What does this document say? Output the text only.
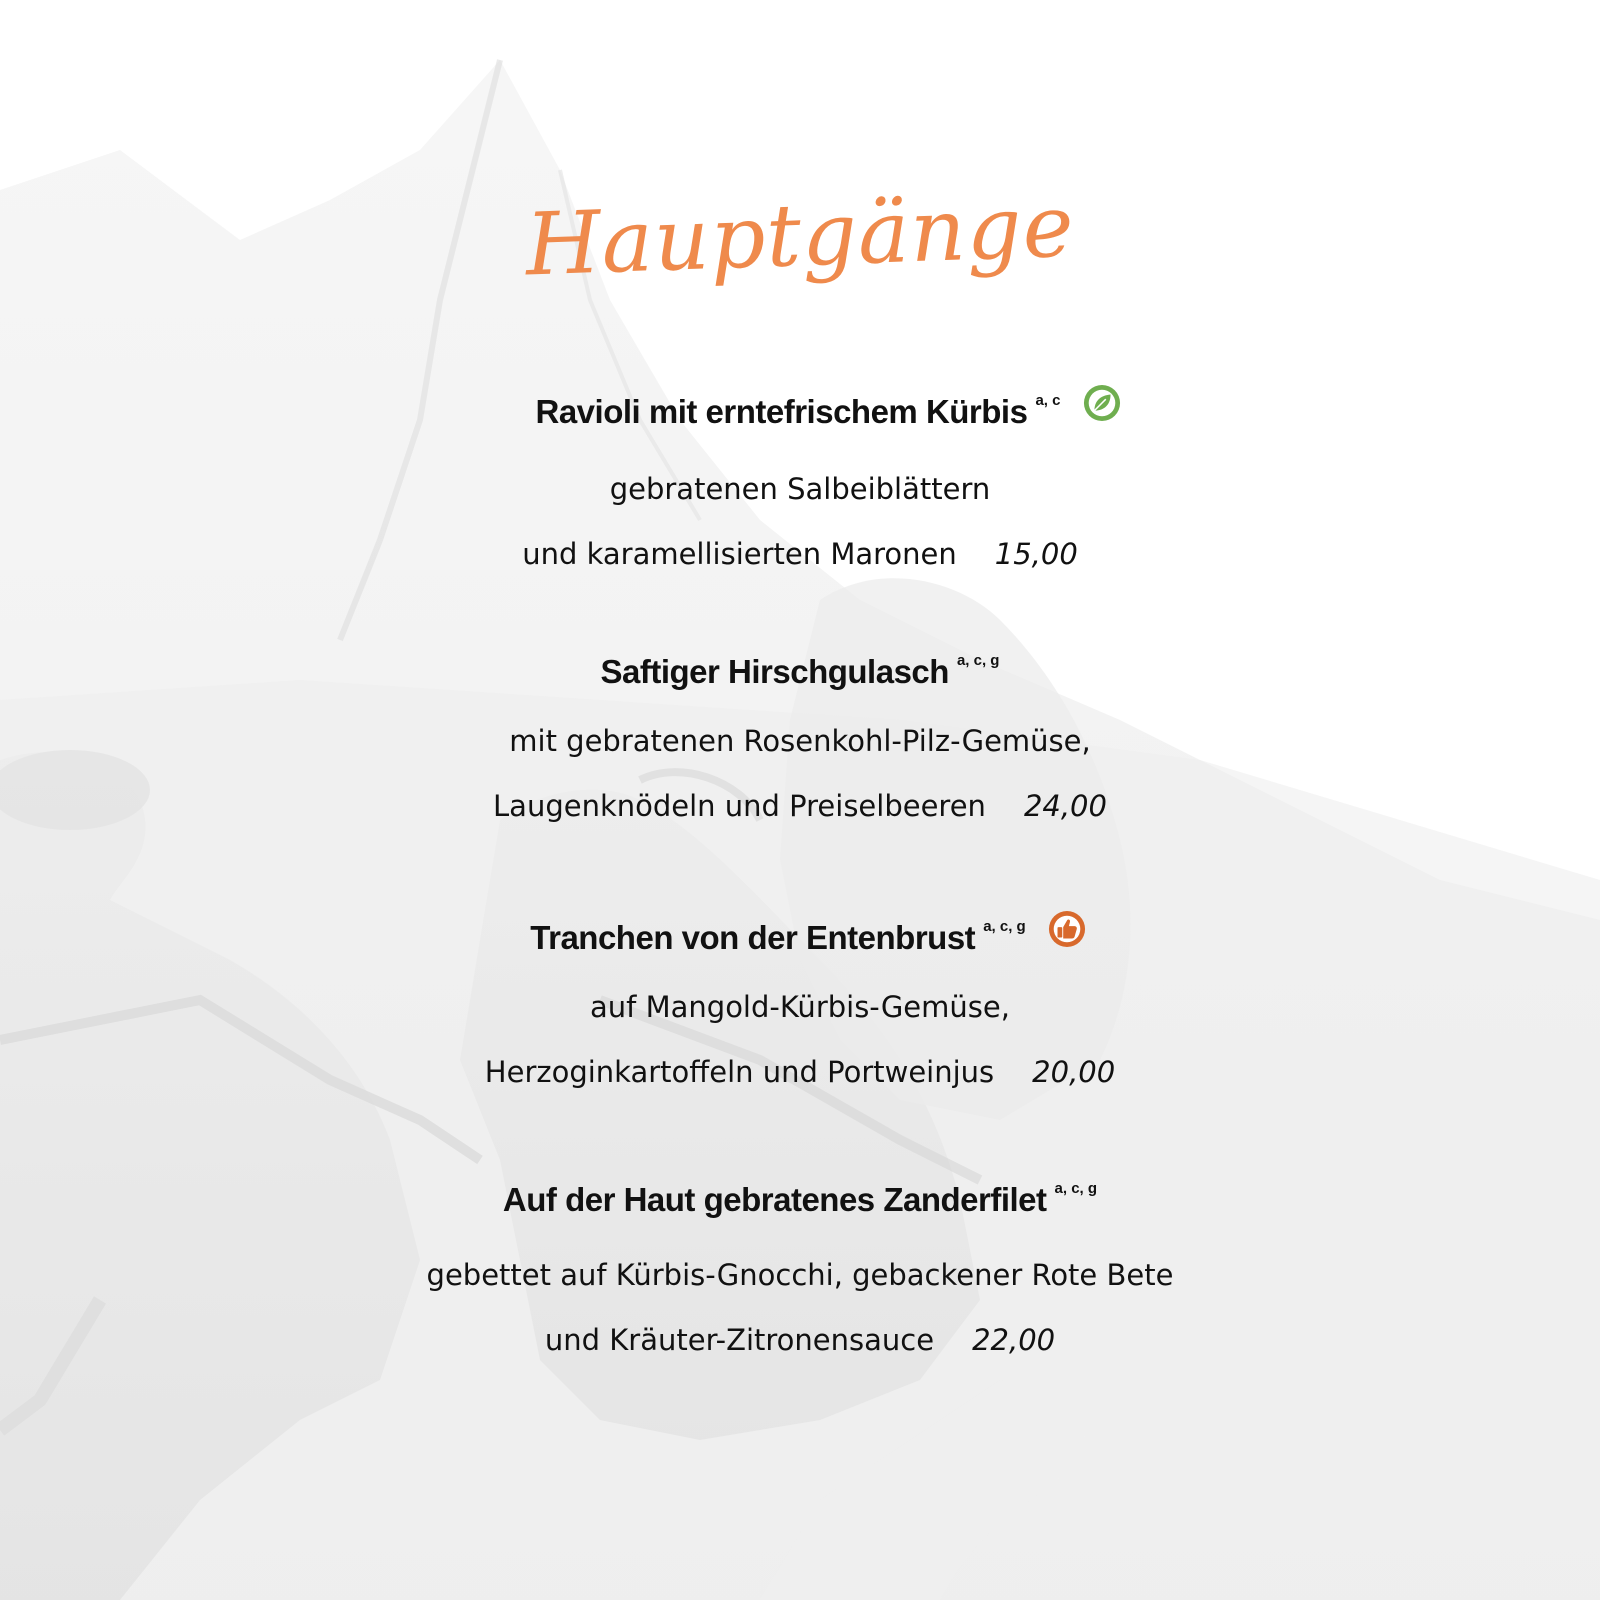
Hauptgänge
Ravioli mit erntefrischem Kürbis $^{a, c}$
gebratenen Salbeiblättern
und karamellisierten Maronen 15,00
Saftiger Hirschgulasch $^{a, c, g}$
mit gebratenen Rosenkohl-Pilz-Gemüse,
Laugenknödeln und Preiselbeeren 24,00
Tranchen von der Entenbrust $^{a, c, g}$
auf Mangold-Kürbis-Gemüse,
Herzoginkartoffeln und Portweinjus 20,00
Auf der Haut gebratenes Zanderfilet $^{a, c, g}$
gebettet auf Kürbis-Gnocchi, gebackener Rote Bete
und Kräuter-Zitronensauce 22,00
